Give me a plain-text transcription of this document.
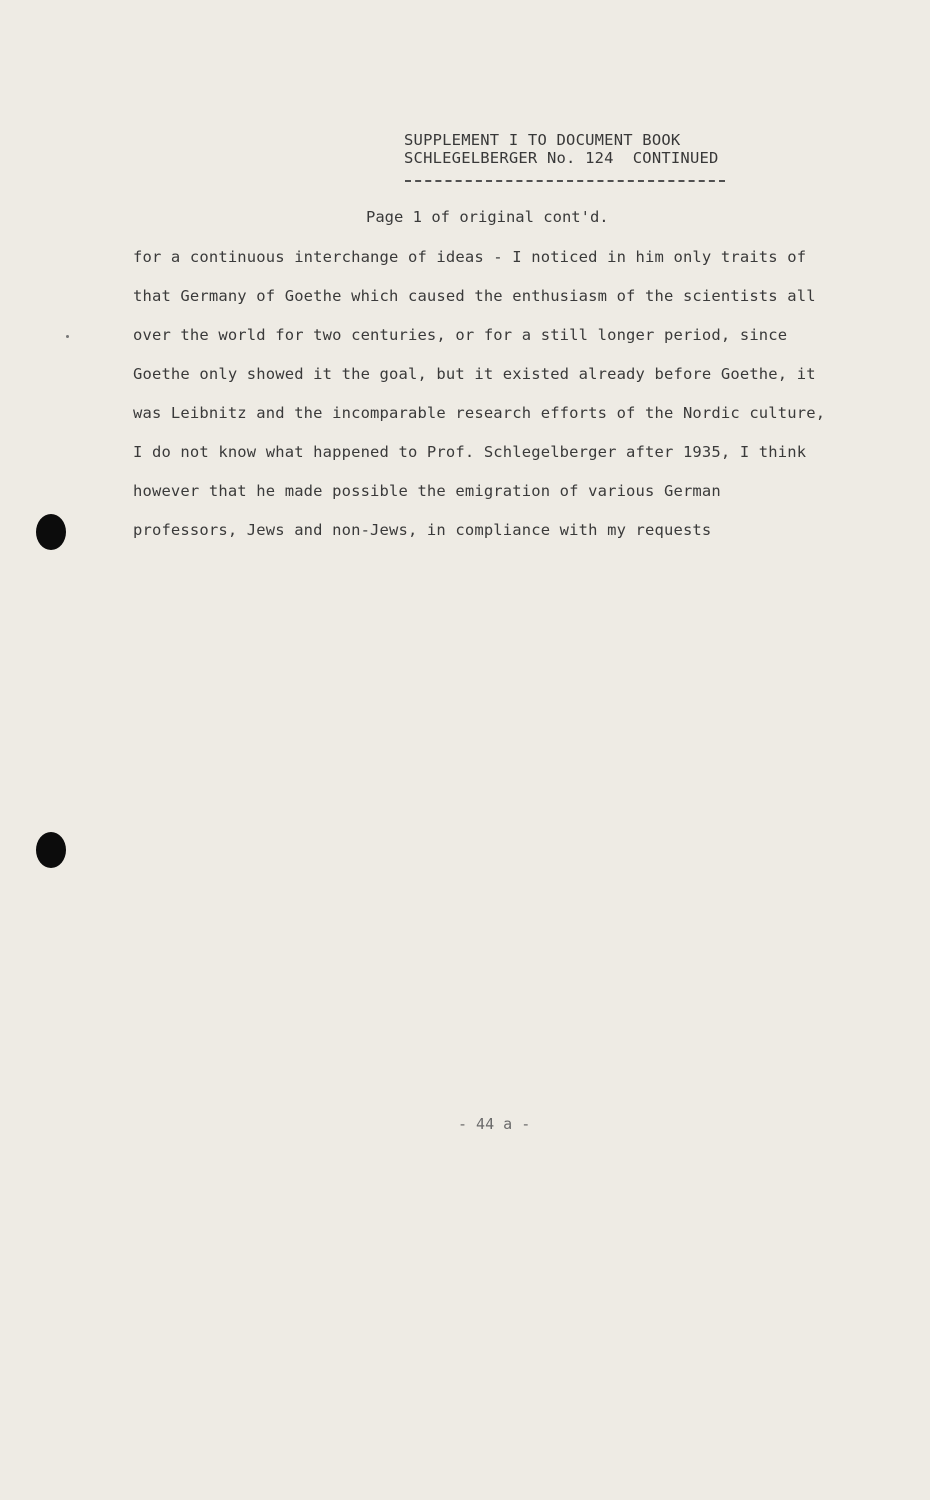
SUPPLEMENT I TO DOCUMENT BOOK
SCHLEGELBERGER No. 124  CONTINUED
Page 1 of original cont'd.
for a continuous interchange of ideas - I noticed in him only traits of
that Germany of Goethe which caused the enthusiasm of the scientists all
over the world for two centuries, or for a still longer period, since
Goethe only showed it the goal, but it existed already before Goethe, it
was Leibnitz and the incomparable research efforts of the Nordic culture,
I do not know what happened to Prof. Schlegelberger after 1935, I think
however that he made possible the emigration of various German
professors, Jews and non-Jews, in compliance with my requests
- 44 a -
